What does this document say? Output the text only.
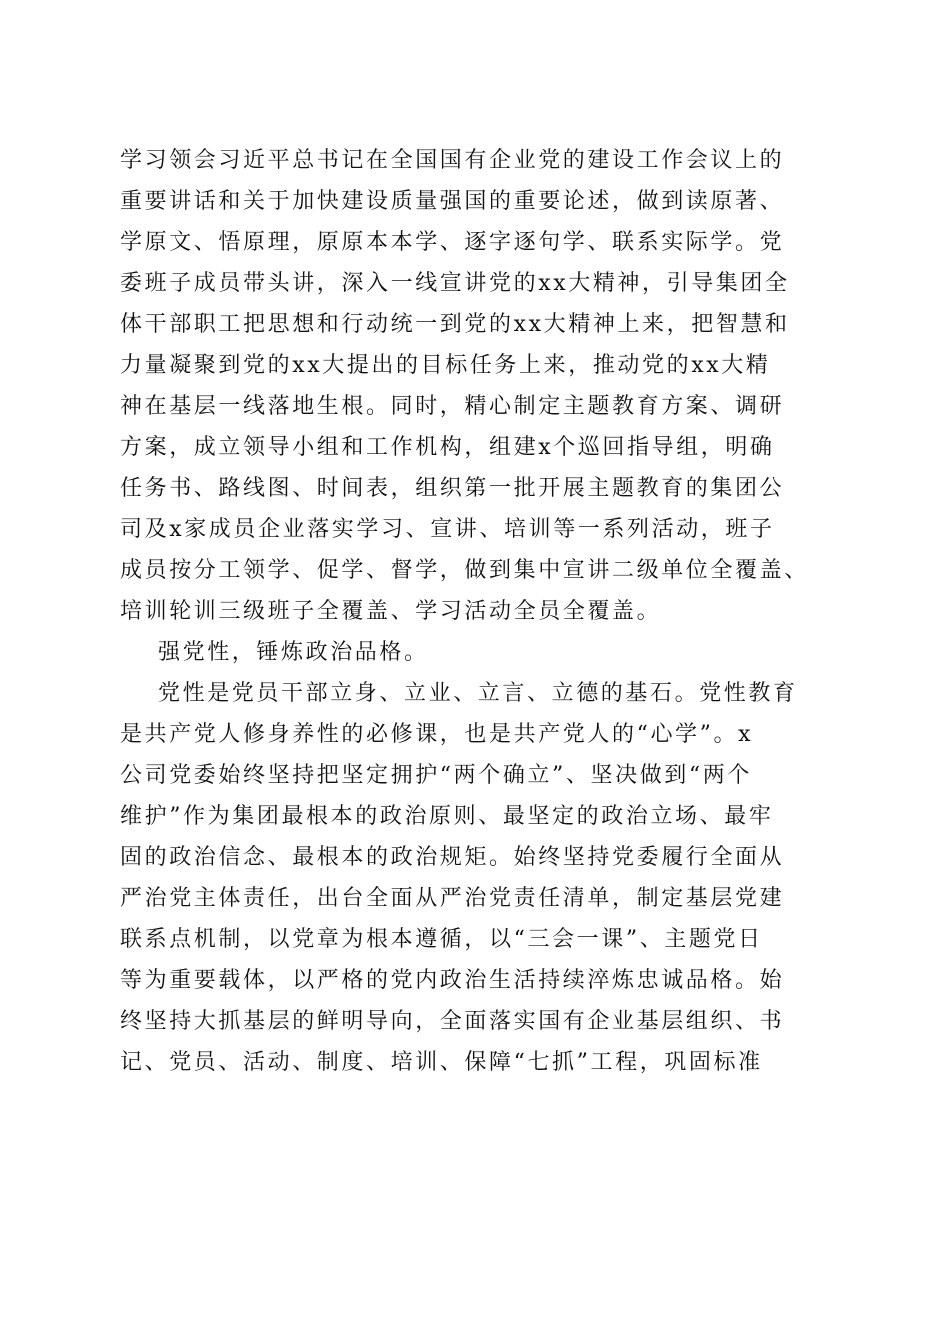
学习领会习近平总书记在全国国有企业党的建设工作会议上的
重要讲话和关于加快建设质量强国的重要论述，做到读原著、
学原文、悟原理，原原本本学、逐字逐句学、联系实际学。党
委班子成员带头讲，深入一线宣讲党的xx大精神，引导集团全
体干部职工把思想和行动统一到党的xx大精神上来，把智慧和
力量凝聚到党的xx大提出的目标任务上来，推动党的xx大精
神在基层一线落地生根。同时，精心制定主题教育方案、调研
方案，成立领导小组和工作机构，组建x个巡回指导组，明确
任务书、路线图、时间表，组织第一批开展主题教育的集团公
司及x家成员企业落实学习、宣讲、培训等一系列活动，班子
成员按分工领学、促学、督学，做到集中宣讲二级单位全覆盖、
培训轮训三级班子全覆盖、学习活动全员全覆盖。
强党性，锤炼政治品格。
党性是党员干部立身、立业、立言、立德的基石。党性教育
是共产党人修身养性的必修课，也是共产党人的“心学”。x
公司党委始终坚持把坚定拥护“两个确立”、坚决做到“两个
维护”作为集团最根本的政治原则、最坚定的政治立场、最牢
固的政治信念、最根本的政治规矩。始终坚持党委履行全面从
严治党主体责任，出台全面从严治党责任清单，制定基层党建
联系点机制，以党章为根本遵循，以“三会一课”、主题党日
等为重要载体，以严格的党内政治生活持续淬炼忠诚品格。始
终坚持大抓基层的鲜明导向，全面落实国有企业基层组织、书
记、党员、活动、制度、培训、保障“七抓”工程，巩固标准
